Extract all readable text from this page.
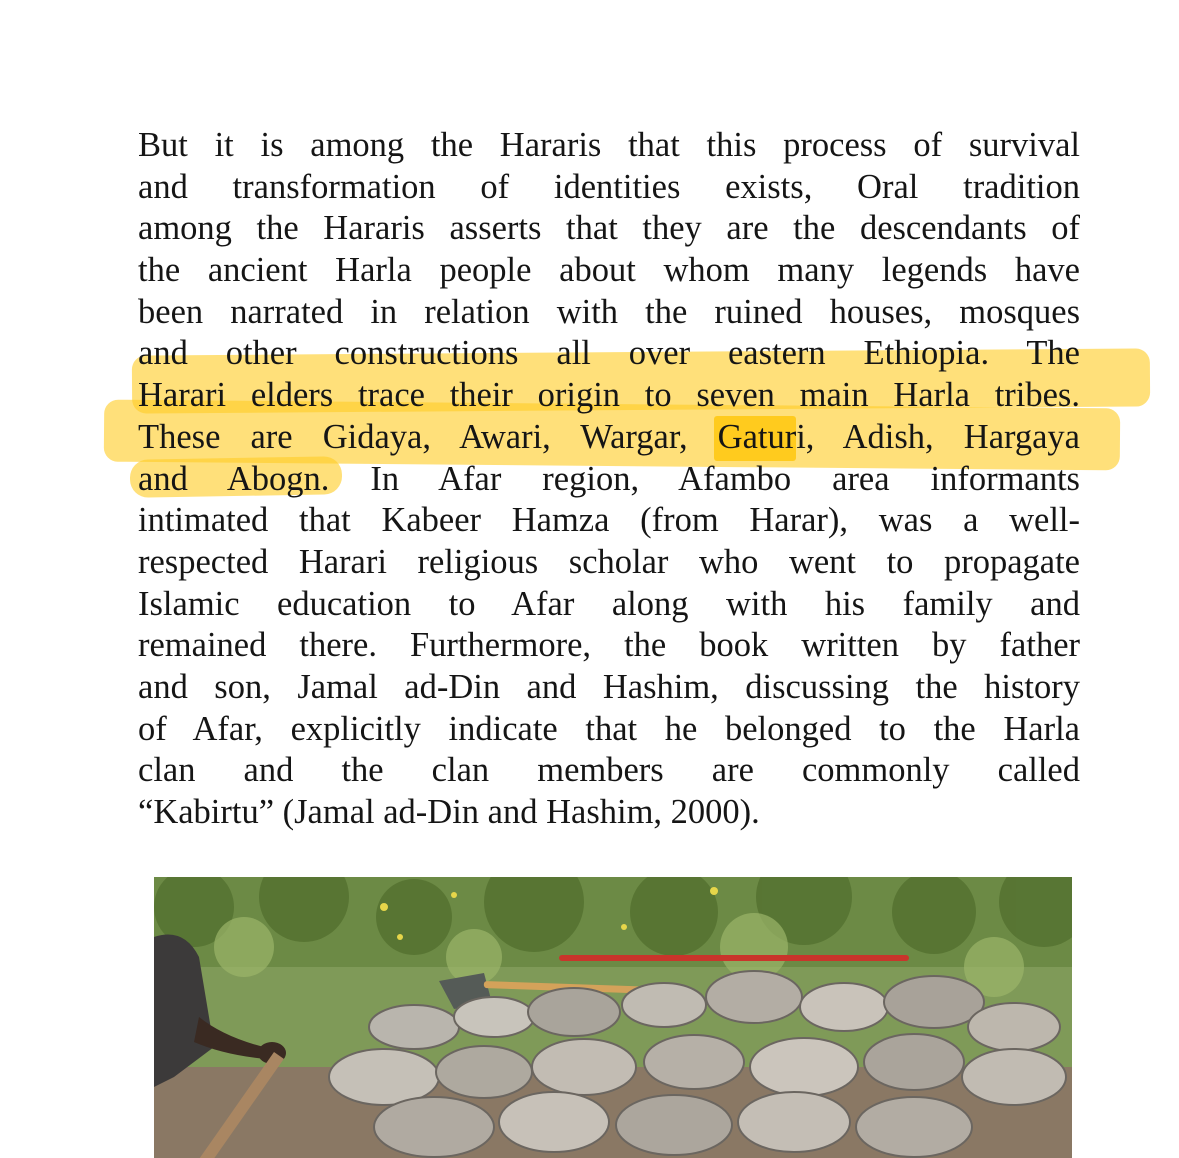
But it is among the Hararis that this process of survival
and transformation of identities exists, Oral tradition
among the Hararis asserts that they are the descendants of
the ancient Harla people about whom many legends have
been narrated in relation with the ruined houses, mosques
and other constructions all over eastern Ethiopia. The
Harari elders trace their origin to seven main Harla tribes.
These are Gidaya, Awari, Wargar, Gaturi, Adish, Hargaya
and Abogn. In Afar region, Afambo area informants
intimated that Kabeer Hamza (from Harar), was a well-
respected Harari religious scholar who went to propagate
Islamic education to Afar along with his family and
remained there. Furthermore, the book written by father
and son, Jamal ad-Din and Hashim, discussing the history
of Afar, explicitly indicate that he belonged to the Harla
clan and the clan members are commonly called
“Kabirtu” (Jamal ad-Din and Hashim, 2000).
